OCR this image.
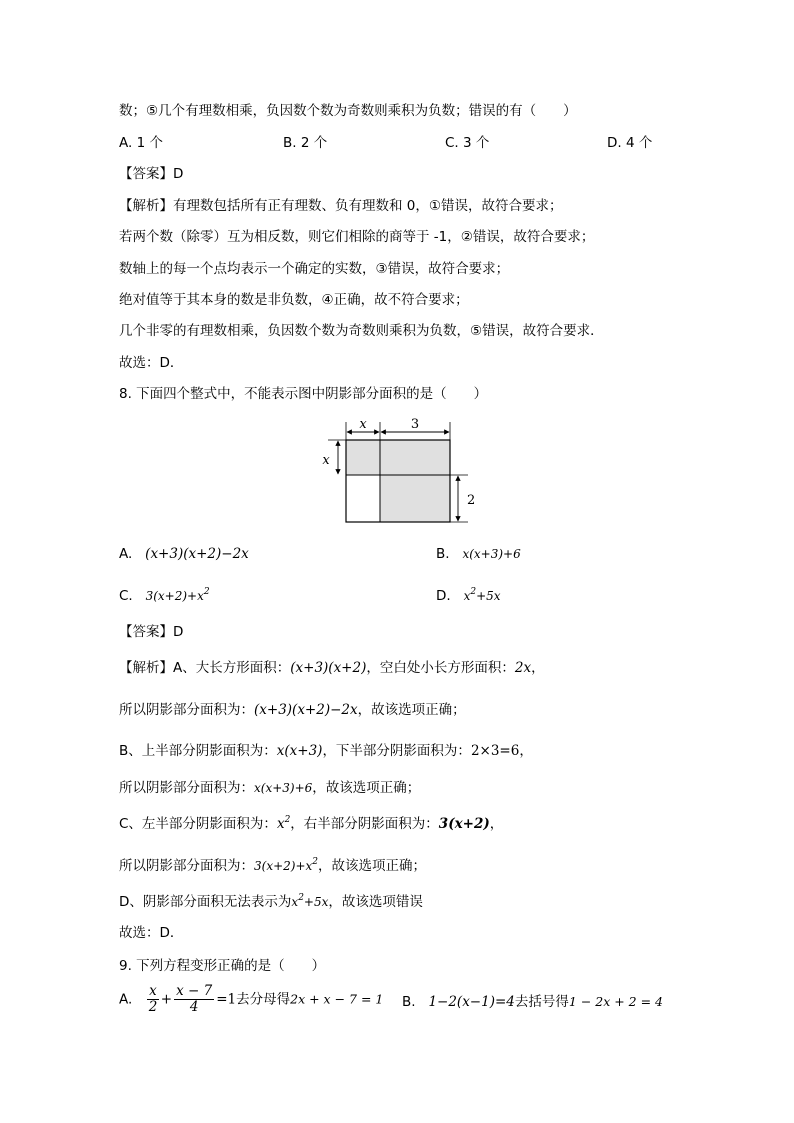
数；⑤几个有理数相乘，负因数个数为奇数则乘积为负数；错误的有（　　）
A. 1 个	B. 2 个	C. 3 个	D. 4 个
【答案】D
【解析】有理数包括所有正有理数、负有理数和 0，①错误，故符合要求；
若两个数（除零）互为相反数，则它们相除的商等于 -1，②错误，故符合要求；
数轴上的每一个点均表示一个确定的实数，③错误，故符合要求；
绝对值等于其本身的数是非负数，④正确，故不符合要求；
几个非零的有理数相乘，负因数个数为奇数则乘积为负数，⑤错误，故符合要求．
故选：D．
8. 下面四个整式中，不能表示图中阴影部分面积的是（　　）
x	3
x
2
A. (x+3)(x+2)−2x	B. x(x+3)+6
C. $3(x+2)+x^2$	D. $x^2+5x$
【答案】D
【解析】A、大长方形面积：(x+3)(x+2)，空白处小长方形面积：2x，
所以阴影部分面积为：(x+3)(x+2)−2x，故该选项正确；
B、上半部分阴影面积为：x(x+3)，下半部分阴影面积为：2×3=6，
所以阴影部分面积为：x(x+3)+6，故该选项正确；
C、左半部分阴影面积为：$x^2$，右半部分阴影面积为：3(x+2)，
所以阴影部分面积为：$3(x+2)+x^2$，故该选项正确；
D、阴影部分面积无法表示为$x^2+5x$，故该选项错误
故选：D．
9. 下列方程变形正确的是（　　）
A. $\frac{x}{2} + \frac{x - 7}{4} =1$去分母得2x + x − 7 = 1 B. 1−2(x−1)=4去括号得1 − 2x + 2 = 4
